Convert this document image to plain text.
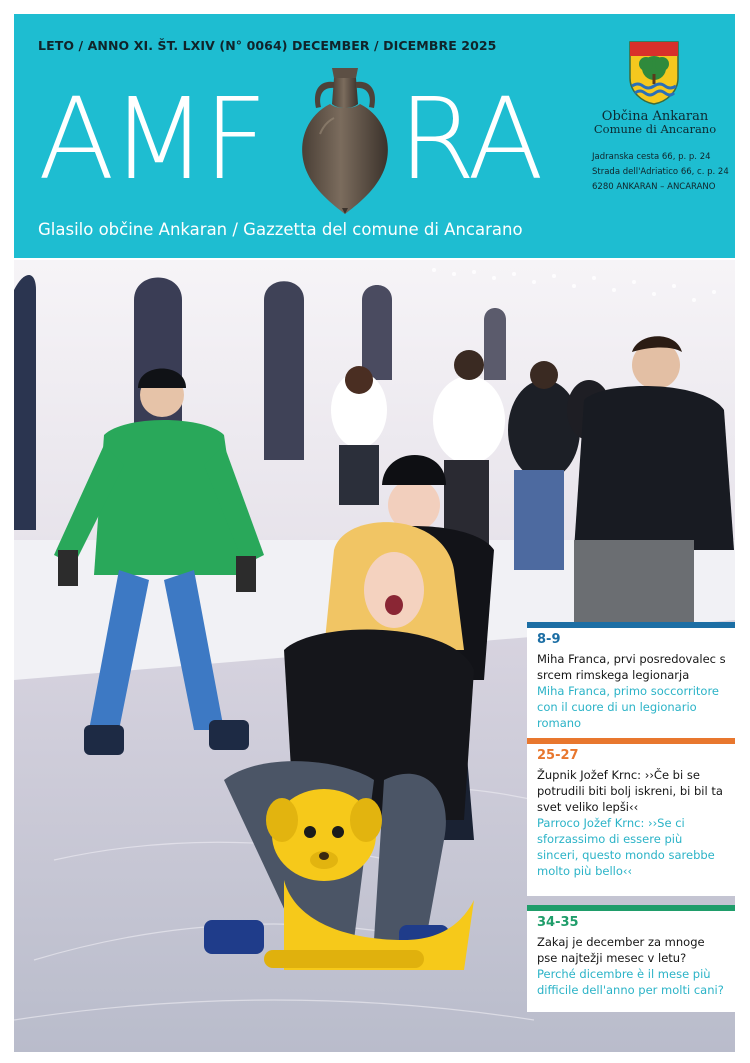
LETO / ANNO XI. ŠT. LXIV (N° 0064) DECEMBER / DICEMBRE 2025
AMF RA
Glasilo občine Ankaran / Gazzetta del comune di Ancarano
Občina Ankaran
Comune di Ancarano
Jadranska cesta 66, p. p. 24
Strada dell'Adriatico 66, c. p. 24
6280 ANKARAN – ANCARANO
8-9
Miha Franca, prvi posredovalec s srcem rimskega legionarja
Miha Franca, primo soccorritore con il cuore di un legionario romano
25-27
Župnik Jožef Krnc: ››Če bi se potrudili biti bolj iskreni, bi bil ta svet veliko lepši‹‹
Parroco Jožef Krnc: ››Se ci sforzassimo di essere più sinceri, questo mondo sarebbe molto più bello‹‹
34-35
Zakaj je december za mnoge pse najtežji mesec v letu?
Perché dicembre è il mese più difficile dell'anno per molti cani?
